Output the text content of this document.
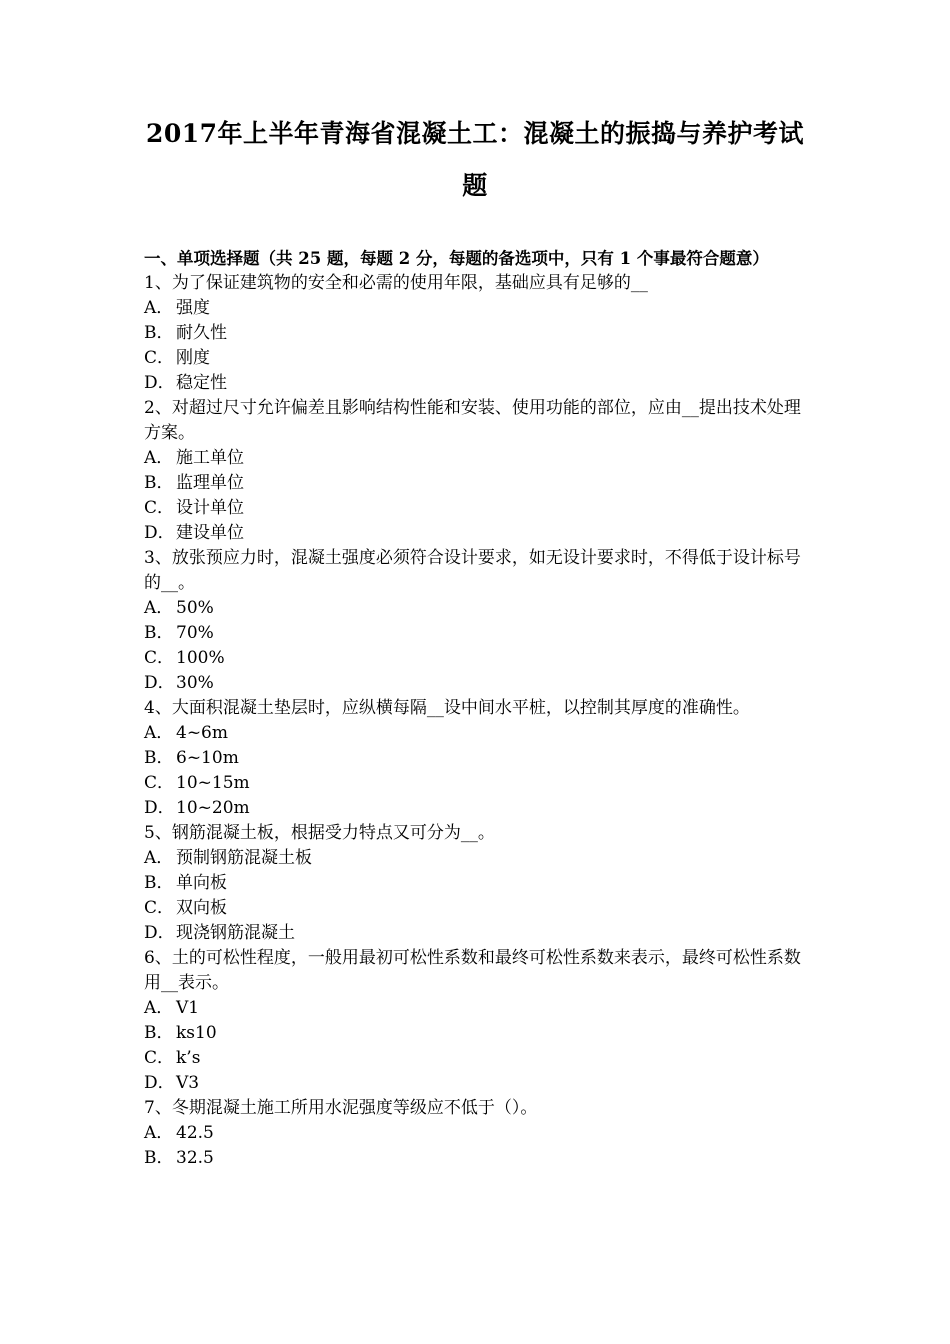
2017年上半年青海省混凝土工：混凝土的振捣与养护考试
题
一、单项选择题（共 25 题，每题 2 分，每题的备选项中，只有 1 个事最符合题意）
1、为了保证建筑物的安全和必需的使用年限，基础应具有足够的__
A． 强度
B． 耐久性
C． 刚度
D．稳定性
2、对超过尺寸允许偏差且影响结构性能和安装、使用功能的部位，应由__提出技术处理方案。
A． 施工单位
B． 监理单位
C． 设计单位
D．建设单位
3、放张预应力时，混凝土强度必须符合设计要求，如无设计要求时，不得低于设计标号的__。
A． 50%
B． 70%
C． 100%
D．30%
4、大面积混凝土垫层时，应纵横每隔__设中间水平桩，以控制其厚度的准确性。
A． 4~6m
B． 6~10m
C． 10~15m
D．10~20m
5、钢筋混凝土板，根据受力特点又可分为__。
A． 预制钢筋混凝土板
B． 单向板
C． 双向板
D．现浇钢筋混凝土
6、土的可松性程度，一般用最初可松性系数和最终可松性系数来表示，最终可松性系数用__表示。
A． V1
B． ks10
C． k’s
D．V3
7、冬期混凝土施工所用水泥强度等级应不低于（）。
A． 42.5
B． 32.5
